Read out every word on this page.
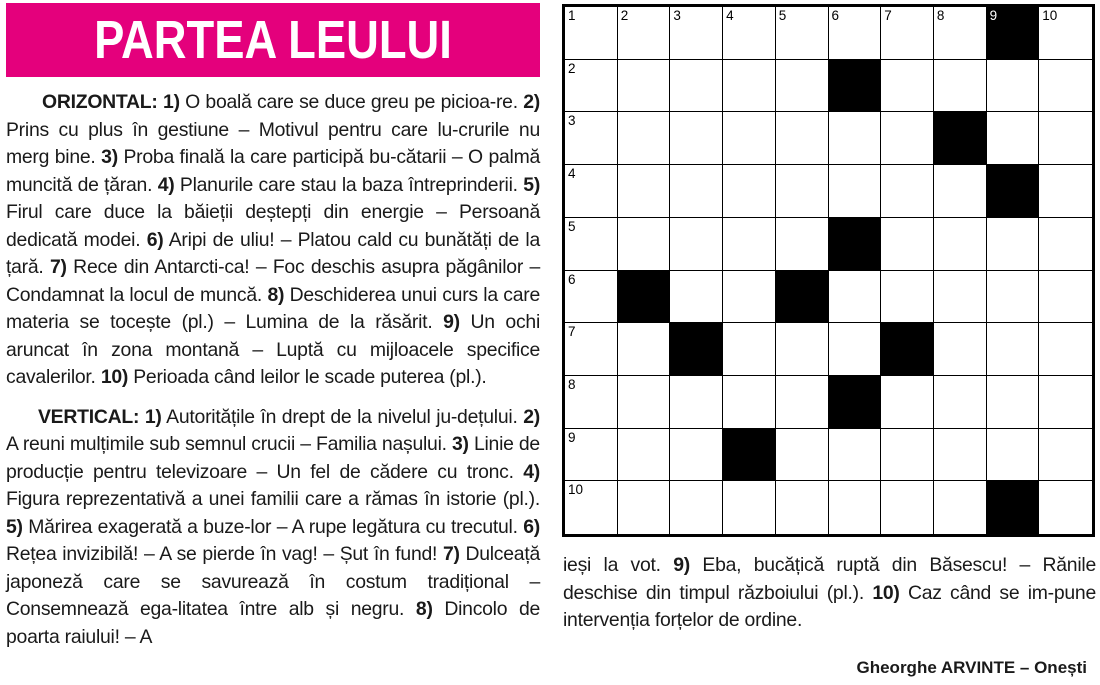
PARTEA LEULUI

ORIZONTAL: 1) O boală care se duce greu pe picioa-re. 2) Prins cu plus în gestiune – Motivul pentru care lu-crurile nu merg bine. 3) Proba finală la care participă bu-cătarii – O palmă muncită de țăran. 4) Planurile care stau la baza întreprinderii. 5) Firul care duce la băieții deștepți din energie – Persoană dedicată modei. 6) Aripi de uliu! – Platou cald cu bunătăți de la țară. 7) Rece din Antarcti-ca! – Foc deschis asupra păgânilor – Condamnat la locul de muncă. 8) Deschiderea unui curs la care materia se tocește (pl.) – Lumina de la răsărit. 9) Un ochi aruncat în zona montană – Luptă cu mijloacele specifice cavalerilor. 10) Perioada când leilor le scade puterea (pl.).

VERTICAL: 1) Autoritățile în drept de la nivelul ju-dețului. 2) A reuni mulțimile sub semnul crucii – Familia nașului. 3) Linie de producție pentru televizoare – Un fel de cădere cu tronc. 4) Figura reprezentativă a unei familii care a rămas în istorie (pl.). 5) Mărirea exagerată a buze-lor – A rupe legătura cu trecutul. 6) Rețea invizibilă! – A se pierde în vag! – Șut în fund! 7) Dulceață japoneză care se savurează în costum tradițional – Consemnează ega-litatea între alb și negru. 8) Dincolo de poarta raiului! – A

1	2	3	4	5	6	7	8	9	10
2
3
4
5
6
7
8
9
10

ieși la vot. 9) Eba, bucățică ruptă din Băsescu! – Rănile deschise din timpul războiului (pl.). 10) Caz când se im-pune intervenția forțelor de ordine.

Gheorghe ARVINTE – Onești
